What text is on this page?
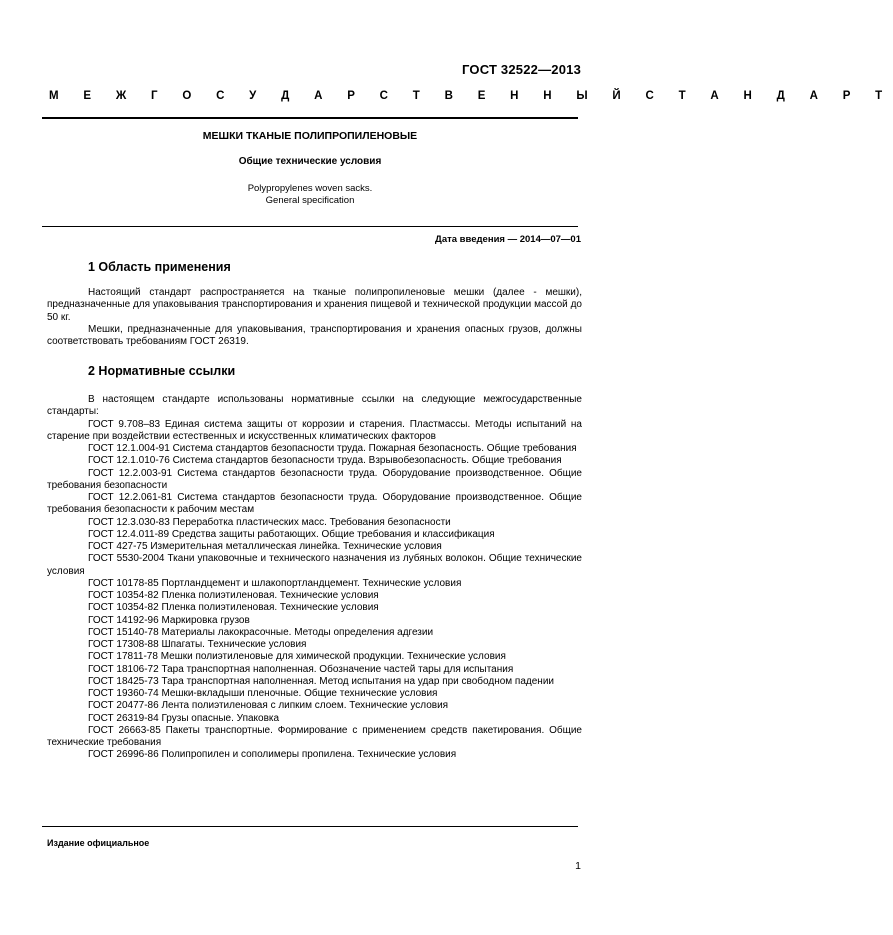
ГОСТ 32522—2013
М Е Ж Г О С У Д А Р С Т В Е Н Н Ы Й С Т А Н Д А Р Т
МЕШКИ ТКАНЫЕ ПОЛИПРОПИЛЕНОВЫЕ
Общие технические условия
Polypropylenes woven sacks.
General specification
Дата введения — 2014—07—01
1 Область применения
Настоящий стандарт распространяется на тканые полипропиленовые мешки (далее - мешки), предназначенные для упаковывания транспортирования и хранения пищевой и технической продукции массой до 50 кг.
Мешки, предназначенные для упаковывания, транспортирования и хранения опасных грузов, должны соответствовать требованиям ГОСТ 26319.
2 Нормативные ссылки
В настоящем стандарте использованы нормативные ссылки на следующие межгосударственные стандарты:
ГОСТ 9.708–83 Единая система защиты от коррозии и старения. Пластмассы. Методы испытаний на старение при воздействии естественных и искусственных климатических факторов
ГОСТ 12.1.004-91 Система стандартов безопасности труда. Пожарная безопасность. Общие требования
ГОСТ 12.1.010-76 Система стандартов безопасности труда. Взрывобезопасность. Общие требования
ГОСТ 12.2.003-91 Система стандартов безопасности труда. Оборудование производственное. Общие требования безопасности
ГОСТ 12.2.061-81 Система стандартов безопасности труда. Оборудование производственное. Общие требования безопасности к рабочим местам
ГОСТ 12.3.030-83 Переработка пластических масс. Требования безопасности
ГОСТ 12.4.011-89 Средства защиты работающих. Общие требования и классификация
ГОСТ 427-75 Измерительная металлическая линейка. Технические условия
ГОСТ 5530-2004 Ткани упаковочные и технического назначения из лубяных волокон. Общие технические условия
ГОСТ 10178-85 Портландцемент и шлакопортландцемент. Технические условия
ГОСТ 10354-82 Пленка полиэтиленовая. Технические условия
ГОСТ 10354-82 Пленка полиэтиленовая. Технические условия
ГОСТ 14192-96 Маркировка грузов
ГОСТ 15140-78 Материалы лакокрасочные. Методы определения адгезии
ГОСТ 17308-88 Шпагаты. Технические условия
ГОСТ 17811-78 Мешки полиэтиленовые для химической продукции. Технические условия
ГОСТ 18106-72 Тара транспортная наполненная. Обозначение частей тары для испытания
ГОСТ 18425-73 Тара транспортная наполненная. Метод испытания на удар при свободном падении
ГОСТ 19360-74 Мешки-вкладыши пленочные. Общие технические условия
ГОСТ 20477-86 Лента полиэтиленовая с липким слоем. Технические условия
ГОСТ 26319-84 Грузы опасные. Упаковка
ГОСТ 26663-85 Пакеты транспортные. Формирование с применением средств пакетирования. Общие технические требования
ГОСТ 26996-86 Полипропилен и сополимеры пропилена. Технические условия
Издание официальное
1
